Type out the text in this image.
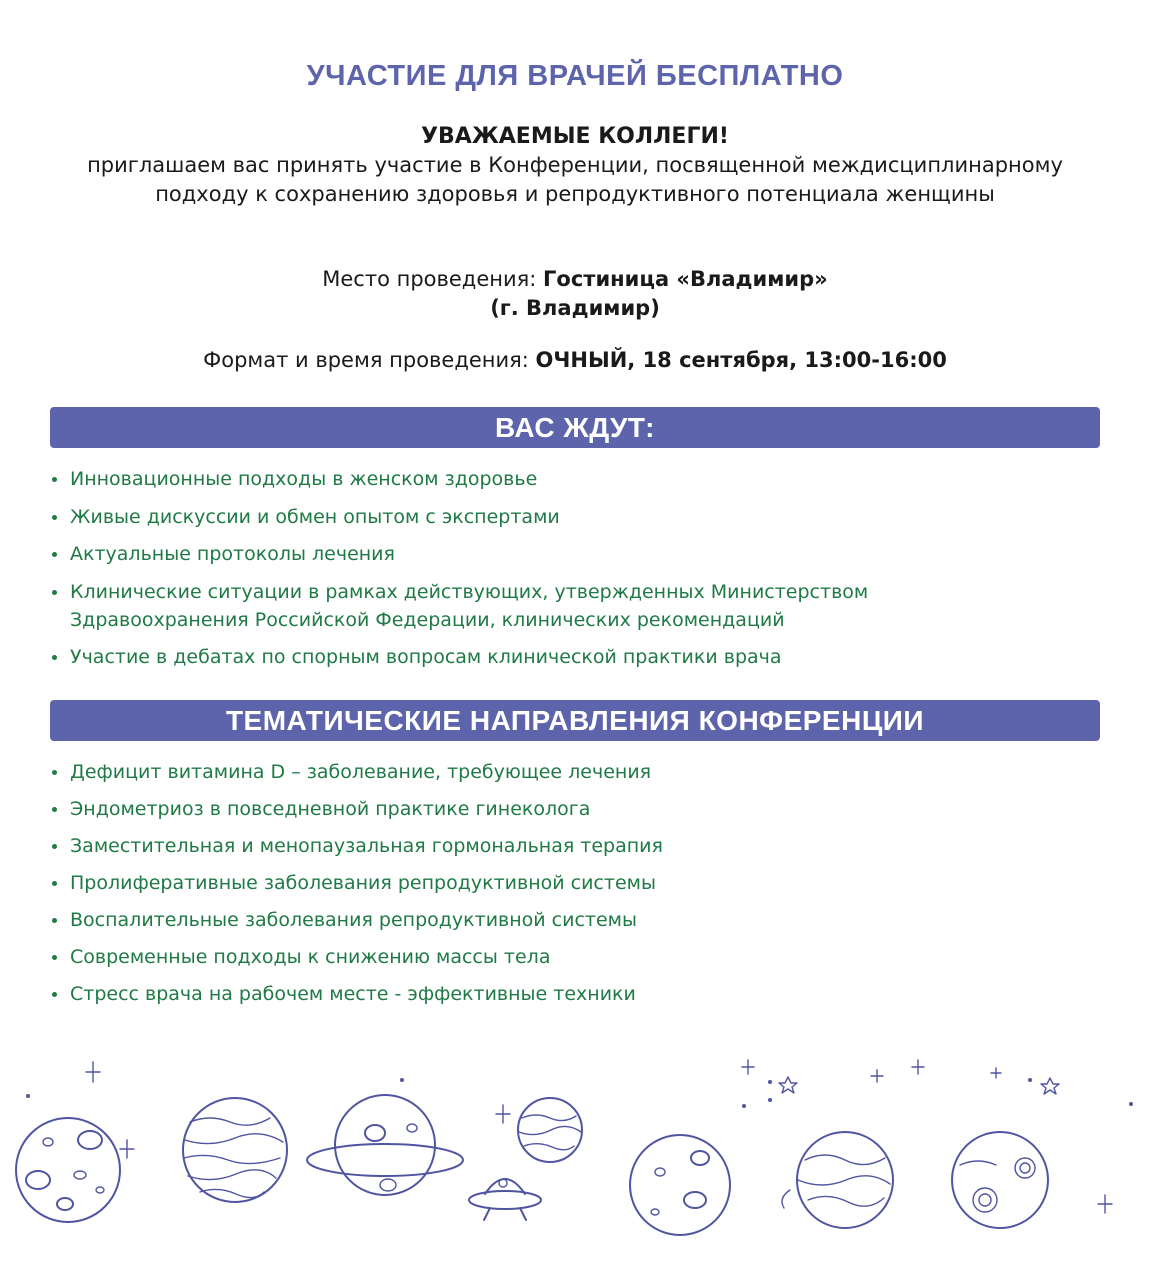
УЧАСТИЕ ДЛЯ ВРАЧЕЙ БЕСПЛАТНО
УВАЖАЕМЫЕ КОЛЛЕГИ!
приглашаем вас принять участие в Конференции, посвященной междисциплинарному подходу к сохранению здоровья и репродуктивного потенциала женщины
Место проведения: Гостиница «Владимир»
(г. Владимир)
Формат и время проведения: ОЧНЫЙ, 18 сентября, 13:00-16:00
ВАС ЖДУТ:
Инновационные подходы в женском здоровье
Живые дискуссии и обмен опытом с экспертами
Актуальные протоколы лечения
Клинические ситуации в рамках действующих, утвержденных Министерством Здравоохранения Российской Федерации, клинических рекомендаций
Участие в дебатах по спорным вопросам клинической практики врача
ТЕМАТИЧЕСКИЕ НАПРАВЛЕНИЯ КОНФЕРЕНЦИИ
Дефицит витамина D – заболевание, требующее лечения
Эндометриоз в повседневной практике гинеколога
Заместительная и менопаузальная гормональная терапия
Пролиферативные заболевания репродуктивной системы
Воспалительные заболевания репродуктивной системы
Современные подходы к снижению массы тела
Стресс врача на рабочем месте - эффективные техники
